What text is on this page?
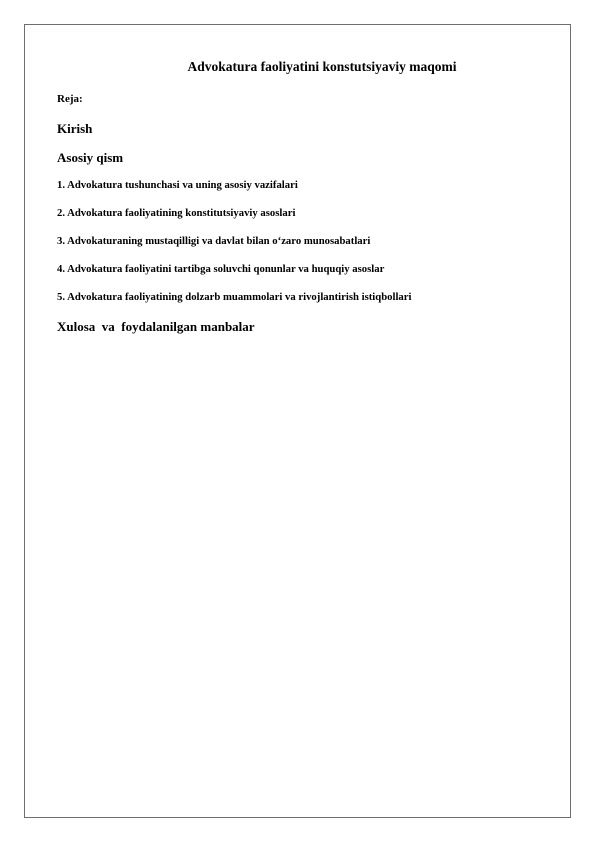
Advokatura faoliyatini konstutsiyaviy maqomi
Reja:
Kirish
Asosiy qism
1. Advokatura tushunchasi va uning asosiy vazifalari
2. Advokatura faoliyatining konstitutsiyaviy asoslari
3. Advokaturaning mustaqilligi va davlat bilan o‘zaro munosabatlari
4. Advokatura faoliyatini tartibga soluvchi qonunlar va huquqiy asoslar
5. Advokatura faoliyatining dolzarb muammolari va rivojlantirish istiqbollari
Xulosa  va  foydalanilgan manbalar
